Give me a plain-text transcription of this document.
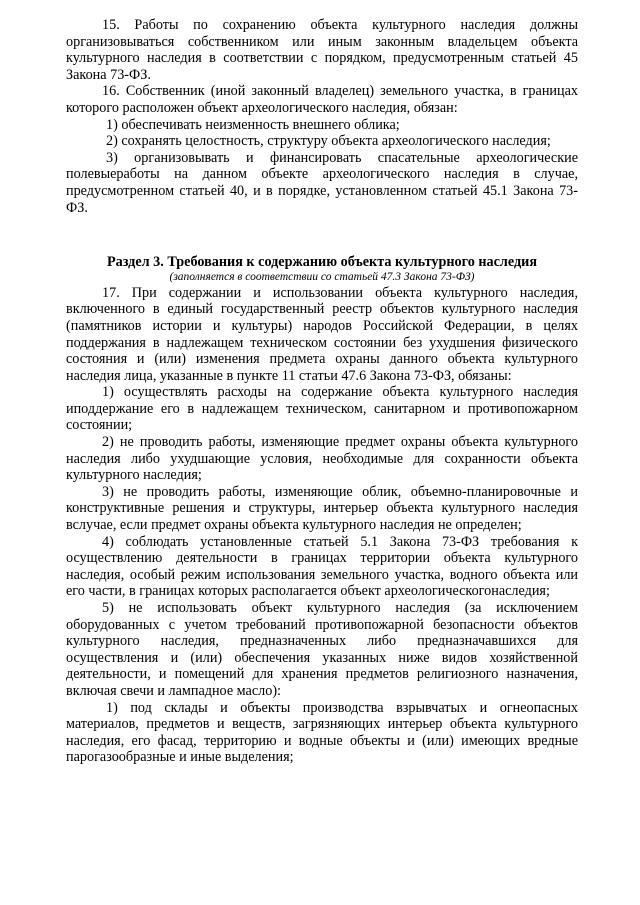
15. Работы по сохранению объекта культурного наследия должны организовываться собственником или иным законным владельцем объекта культурного наследия в соответствии с порядком, предусмотренным статьей 45 Закона 73-ФЗ.

16. Собственник (иной законный владелец) земельного участка, в границах которого расположен объект археологического наследия, обязан:

1) обеспечивать неизменность внешнего облика;

2) сохранять целостность, структуру объекта археологического наследия;

3) организовывать и финансировать спасательные археологические полевыеработы на данном объекте археологического наследия в случае, предусмотренном статьей 40, и в порядке, установленном статьей 45.1 Закона 73-ФЗ.

Раздел 3. Требования к содержанию объекта культурного наследия

(заполняется в соответствии со статьей 47.3 Закона 73-ФЗ)

17. При содержании и использовании объекта культурного наследия, включенного в единый государственный реестр объектов культурного наследия (памятников истории и культуры) народов Российской Федерации, в целях поддержания в надлежащем техническом состоянии без ухудшения физического состояния и (или) изменения предмета охраны данного объекта культурного наследия лица, указанные в пункте 11 статьи 47.6 Закона 73-ФЗ, обязаны:

1) осуществлять расходы на содержание объекта культурного наследия иподдержание его в надлежащем техническом, санитарном и противопожарном состоянии;

2) не проводить работы, изменяющие предмет охраны объекта культурного наследия либо ухудшающие условия, необходимые для сохранности объекта культурного наследия;

3) не проводить работы, изменяющие облик, объемно-планировочные и конструктивные решения и структуры, интерьер объекта культурного наследия вслучае, если предмет охраны объекта культурного наследия не определен;

4) соблюдать установленные статьей 5.1 Закона 73-ФЗ требования к осуществлению деятельности в границах территории объекта культурного наследия, особый режим использования земельного участка, водного объекта или его части, в границах которых располагается объект археологическогонаследия;

5) не использовать объект культурного наследия (за исключением оборудованных с учетом требований противопожарной безопасности объектов культурного наследия, предназначенных либо предназначавшихся для осуществления и (или) обеспечения указанных ниже видов хозяйственной деятельности, и помещений для хранения предметов религиозного назначения, включая свечи и лампадное масло):

1) под склады и объекты производства взрывчатых и огнеопасных материалов, предметов и веществ, загрязняющих интерьер объекта культурного наследия, его фасад, территорию и водные объекты и (или) имеющих вредные парогазообразные и иные выделения;
